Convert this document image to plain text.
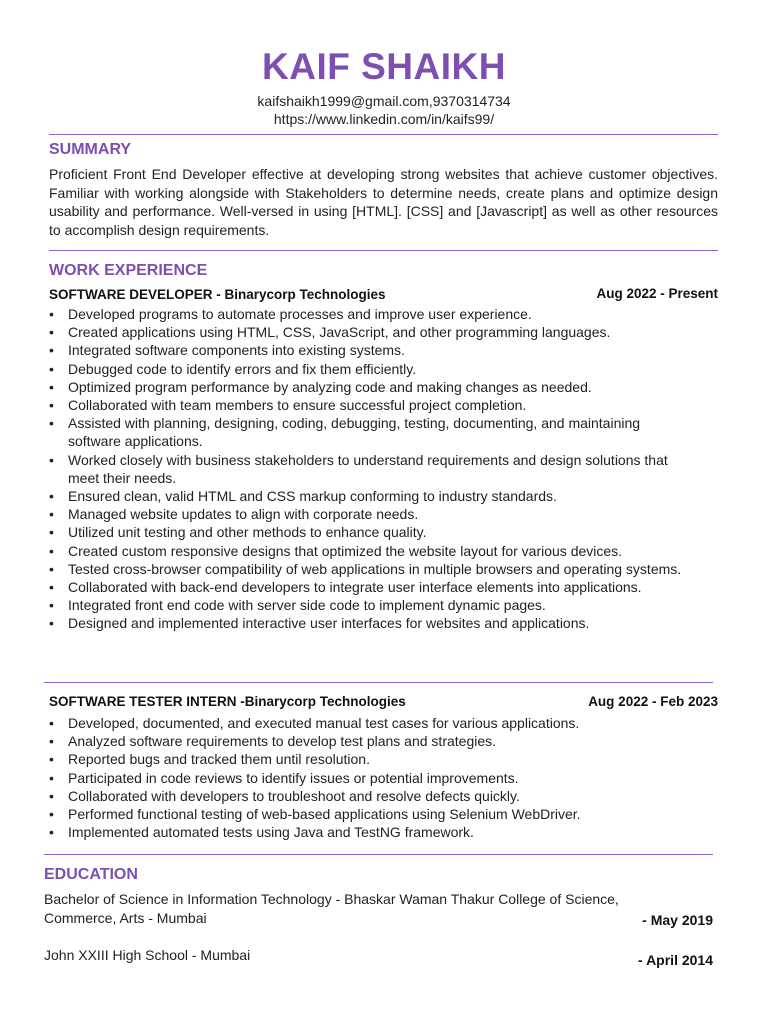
KAIF SHAIKH
kaifshaikh1999@gmail.com,9370314734
https://www.linkedin.com/in/kaifs99/
SUMMARY
Proficient Front End Developer effective at developing strong websites that achieve customer objectives. Familiar with working alongside with Stakeholders to determine needs, create plans and optimize design usability and performance. Well-versed in using [HTML]. [CSS] and [Javascript] as well as other resources to accomplish design requirements.
WORK EXPERIENCE
SOFTWARE DEVELOPER - Binarycorp Technologies	Aug 2022 - Present
• Developed programs to automate processes and improve user experience.
• Created applications using HTML, CSS, JavaScript, and other programming languages.
• Integrated software components into existing systems.
• Debugged code to identify errors and fix them efficiently.
• Optimized program performance by analyzing code and making changes as needed.
• Collaborated with team members to ensure successful project completion.
• Assisted with planning, designing, coding, debugging, testing, documenting, and maintaining software applications.
• Worked closely with business stakeholders to understand requirements and design solutions that meet their needs.
• Ensured clean, valid HTML and CSS markup conforming to industry standards.
• Managed website updates to align with corporate needs.
• Utilized unit testing and other methods to enhance quality.
• Created custom responsive designs that optimized the website layout for various devices.
• Tested cross-browser compatibility of web applications in multiple browsers and operating systems.
• Collaborated with back-end developers to integrate user interface elements into applications.
• Integrated front end code with server side code to implement dynamic pages.
• Designed and implemented interactive user interfaces for websites and applications.
SOFTWARE TESTER INTERN -Binarycorp Technologies	Aug 2022 - Feb 2023
• Developed, documented, and executed manual test cases for various applications.
• Analyzed software requirements to develop test plans and strategies.
• Reported bugs and tracked them until resolution.
• Participated in code reviews to identify issues or potential improvements.
• Collaborated with developers to troubleshoot and resolve defects quickly.
• Performed functional testing of web-based applications using Selenium WebDriver.
• Implemented automated tests using Java and TestNG framework.
EDUCATION
Bachelor of Science in Information Technology - Bhaskar Waman Thakur College of Science, Commerce, Arts - Mumbai	- May 2019
John XXIII High School - Mumbai	- April 2014
